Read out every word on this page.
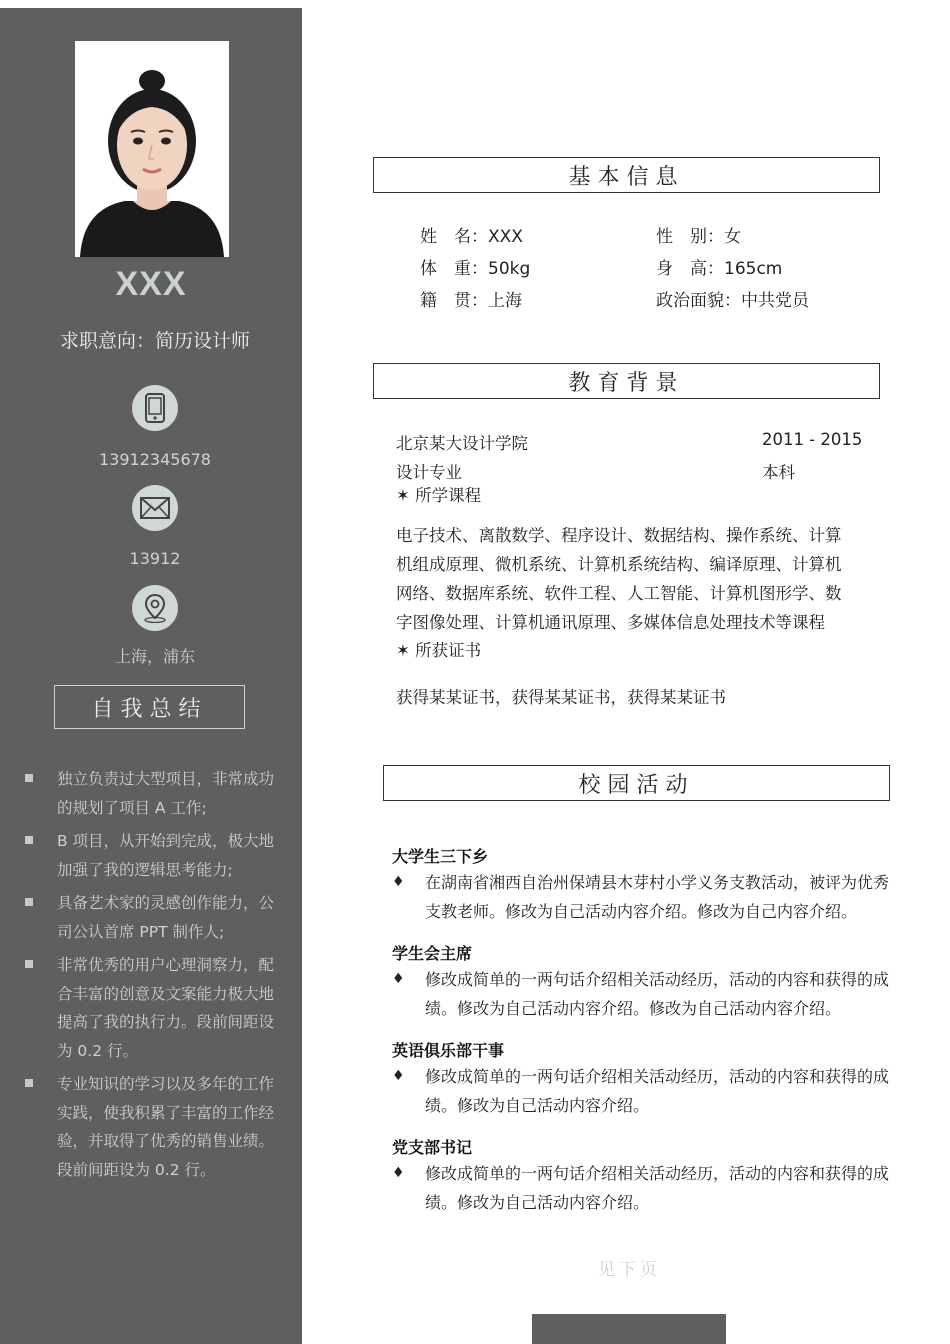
XXX
求职意向：简历设计师
13912345678
13912
上海，浦东
自我总结
独立负责过大型项目，非常成功的规划了项目 A 工作;
B 项目，从开始到完成，极大地加强了我的逻辑思考能力;
具备艺术家的灵感创作能力，公司公认首席 PPT 制作人;
非常优秀的用户心理洞察力，配合丰富的创意及文案能力极大地提高了我的执行力。段前间距设为 0.2 行。
专业知识的学习以及多年的工作实践，使我积累了丰富的工作经验，并取得了优秀的销售业绩。段前间距设为 0.2 行。
基本信息
姓　名：XXX	性　别：女
体　重：50kg	身　高：165cm
籍　贯：上海	政治面貌：中共党员
教育背景
北京某大设计学院	2011 - 2015
设计专业	本科
✶ 所学课程
电子技术、离散数学、程序设计、数据结构、操作系统、计算
机组成原理、微机系统、计算机系统结构、编译原理、计算机
网络、数据库系统、软件工程、人工智能、计算机图形学、数
字图像处理、计算机通讯原理、多媒体信息处理技术等课程
✶ 所获证书
获得某某证书，获得某某证书，获得某某证书
校园活动
大学生三下乡
♦	在湖南省湘西自治州保靖县木芽村小学义务支教活动，被评为优秀支教老师。修改为自己活动内容介绍。修改为自己内容介绍。
学生会主席
♦	修改成简单的一两句话介绍相关活动经历，活动的内容和获得的成绩。修改为自己活动内容介绍。修改为自己活动内容介绍。
英语俱乐部干事
♦	修改成简单的一两句话介绍相关活动经历，活动的内容和获得的成绩。修改为自己活动内容介绍。
党支部书记
♦	修改成简单的一两句话介绍相关活动经历，活动的内容和获得的成绩。修改为自己活动内容介绍。
见下页
